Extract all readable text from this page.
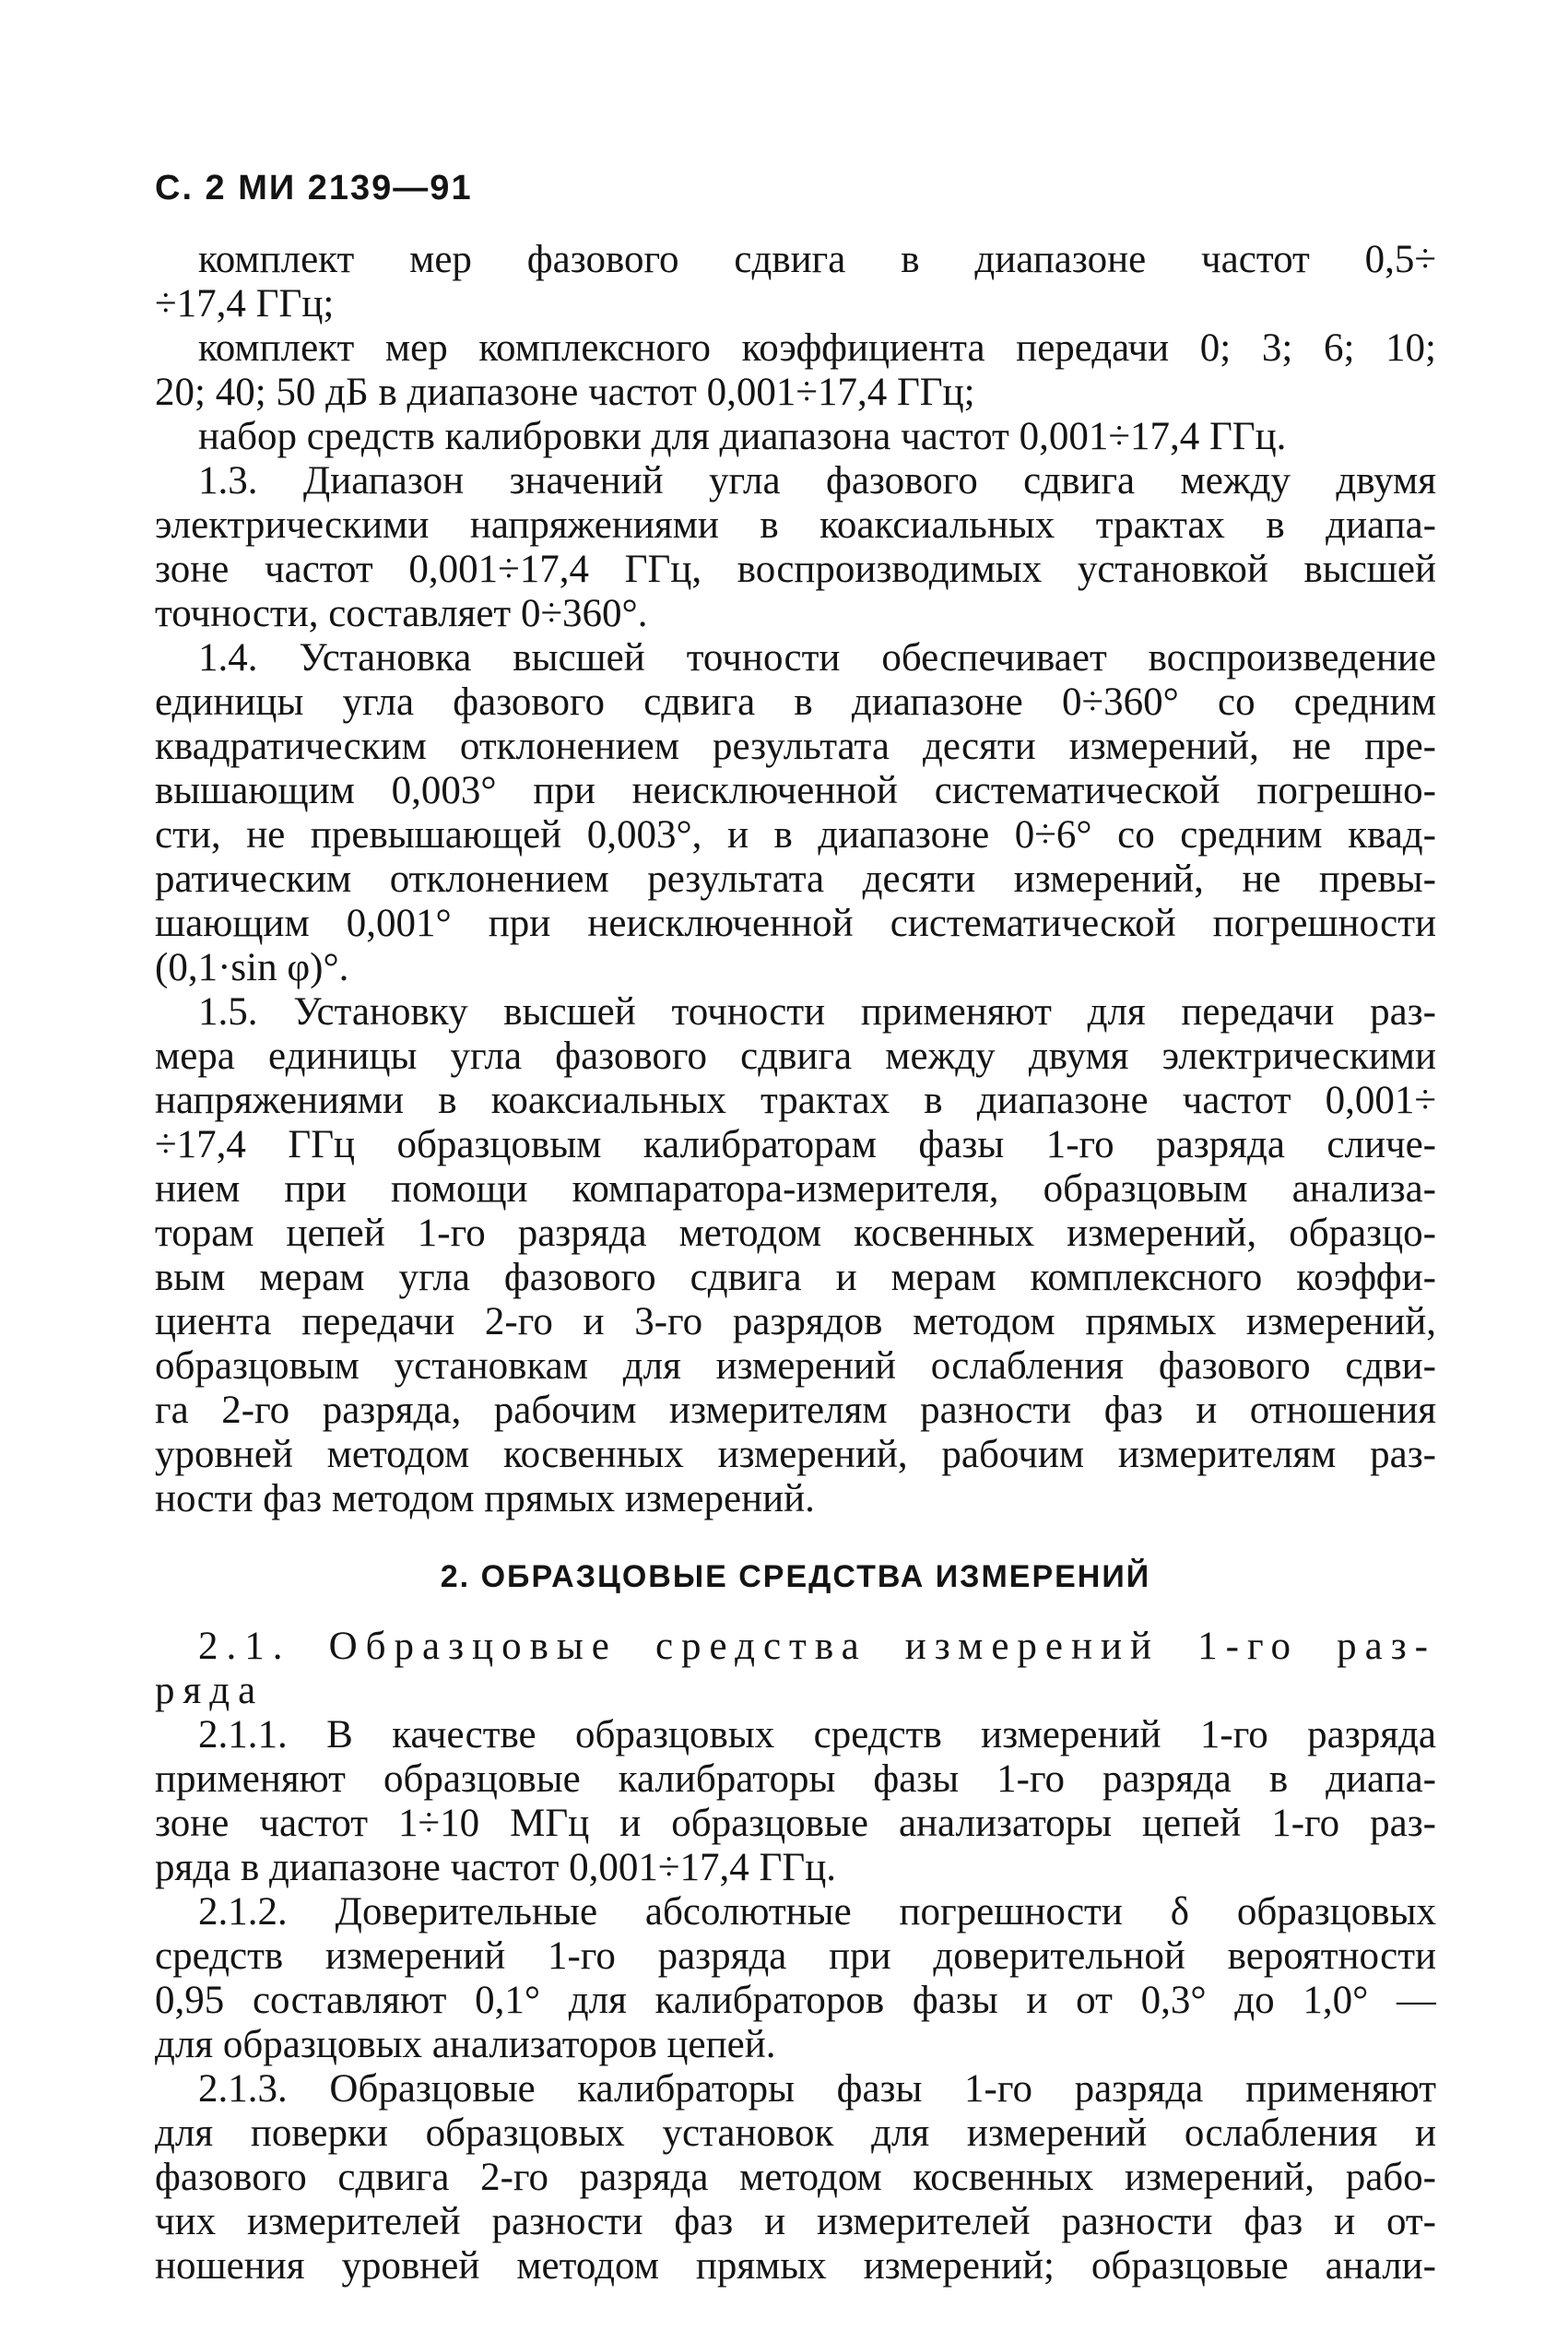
С. 2 МИ 2139—91
комплект мер фазового сдвига в диапазоне частот 0,5÷
÷17,4 ГГц;
комплект мер комплексного коэффициента передачи 0; 3; 6; 10;
20; 40; 50 дБ в диапазоне частот 0,001÷17,4 ГГц;
набор средств калибровки для диапазона частот 0,001÷17,4 ГГц.
1.3. Диапазон значений угла фазового сдвига между двумя
электрическими напряжениями в коаксиальных трактах в диапа-
зоне частот 0,001÷17,4 ГГц, воспроизводимых установкой высшей
точности, составляет 0÷360°.
1.4. Установка высшей точности обеспечивает воспроизведение
единицы угла фазового сдвига в диапазоне 0÷360° со средним
квадратическим отклонением результата десяти измерений, не пре-
вышающим 0,003° при неисключенной систематической погрешно-
сти, не превышающей 0,003°, и в диапазоне 0÷6° со средним квад-
ратическим отклонением результата десяти измерений, не превы-
шающим 0,001° при неисключенной систематической погрешности
(0,1·sin φ)°.
1.5. Установку высшей точности применяют для передачи раз-
мера единицы угла фазового сдвига между двумя электрическими
напряжениями в коаксиальных трактах в диапазоне частот 0,001÷
÷17,4 ГГц образцовым калибраторам фазы 1-го разряда сличе-
нием при помощи компаратора-измерителя, образцовым анализа-
торам цепей 1-го разряда методом косвенных измерений, образцо-
вым мерам угла фазового сдвига и мерам комплексного коэффи-
циента передачи 2-го и 3-го разрядов методом прямых измерений,
образцовым установкам для измерений ослабления фазового сдви-
га 2-го разряда, рабочим измерителям разности фаз и отношения
уровней методом косвенных измерений, рабочим измерителям раз-
ности фаз методом прямых измерений.
2. ОБРАЗЦОВЫЕ СРЕДСТВА ИЗМЕРЕНИЙ
2.1. Образцовые средства измерений 1-го раз-
ряда
2.1.1. В качестве образцовых средств измерений 1-го разряда
применяют образцовые калибраторы фазы 1-го разряда в диапа-
зоне частот 1÷10 МГц и образцовые анализаторы цепей 1-го раз-
ряда в диапазоне частот 0,001÷17,4 ГГц.
2.1.2. Доверительные абсолютные погрешности δ образцовых
средств измерений 1-го разряда при доверительной вероятности
0,95 составляют 0,1° для калибраторов фазы и от 0,3° до 1,0° —
для образцовых анализаторов цепей.
2.1.3. Образцовые калибраторы фазы 1-го разряда применяют
для поверки образцовых установок для измерений ослабления и
фазового сдвига 2-го разряда методом косвенных измерений, рабо-
чих измерителей разности фаз и измерителей разности фаз и от-
ношения уровней методом прямых измерений; образцовые анали-
